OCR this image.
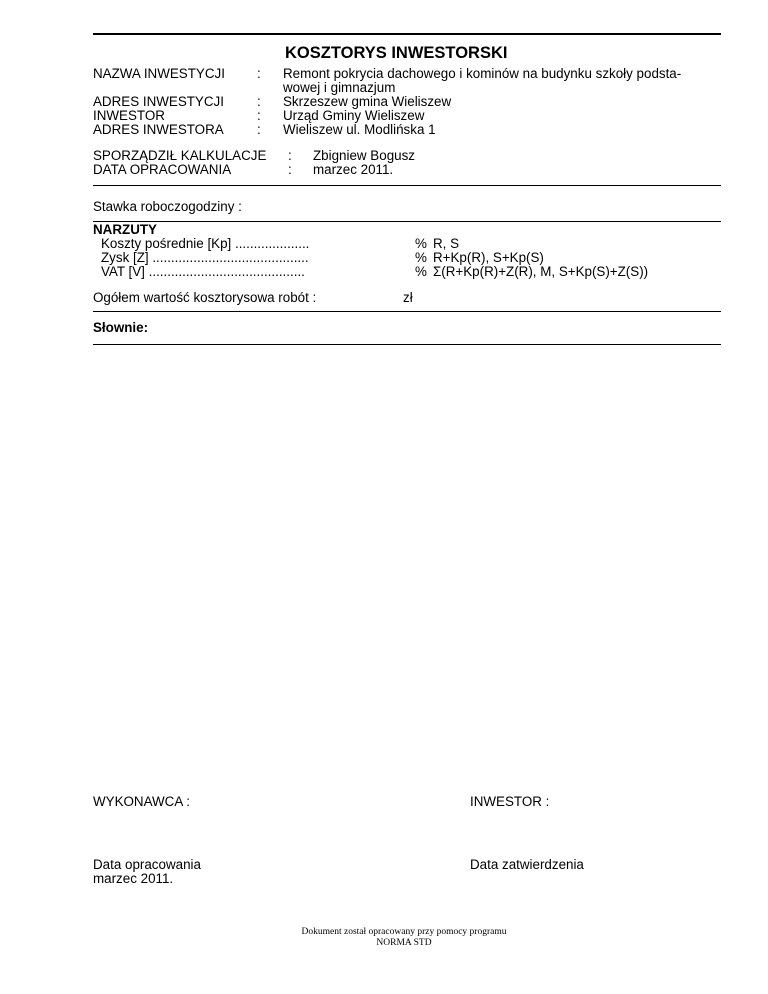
KOSZTORYS INWESTORSKI
NAZWA INWESTYCJI : Remont pokrycia dachowego i kominów na budynku szkoły podsta-
wowej i gimnazjum
ADRES INWESTYCJI : Skrzeszew gmina Wieliszew
INWESTOR	: Urząd Gminy Wieliszew
ADRES INWESTORA : Wieliszew ul. Modlińska 1
SPORZĄDZIŁ KALKULACJE : Zbigniew Bogusz
DATA OPRACOWANIA	: marzec 2011.
Stawka roboczogodziny :
NARZUTY
Koszty pośrednie [Kp] ....................	% R, S
Zysk [Z] ..........................................	% R+Kp(R), S+Kp(S)
VAT [V] ..........................................	% Σ(R+Kp(R)+Z(R), M, S+Kp(S)+Z(S))
Ogółem wartość kosztorysowa robót :	zł
Słownie:
WYKONAWCA :	INWESTOR :
Data opracowania
marzec 2011.
Data zatwierdzenia
Dokument został opracowany przy pomocy programu
NORMA STD
